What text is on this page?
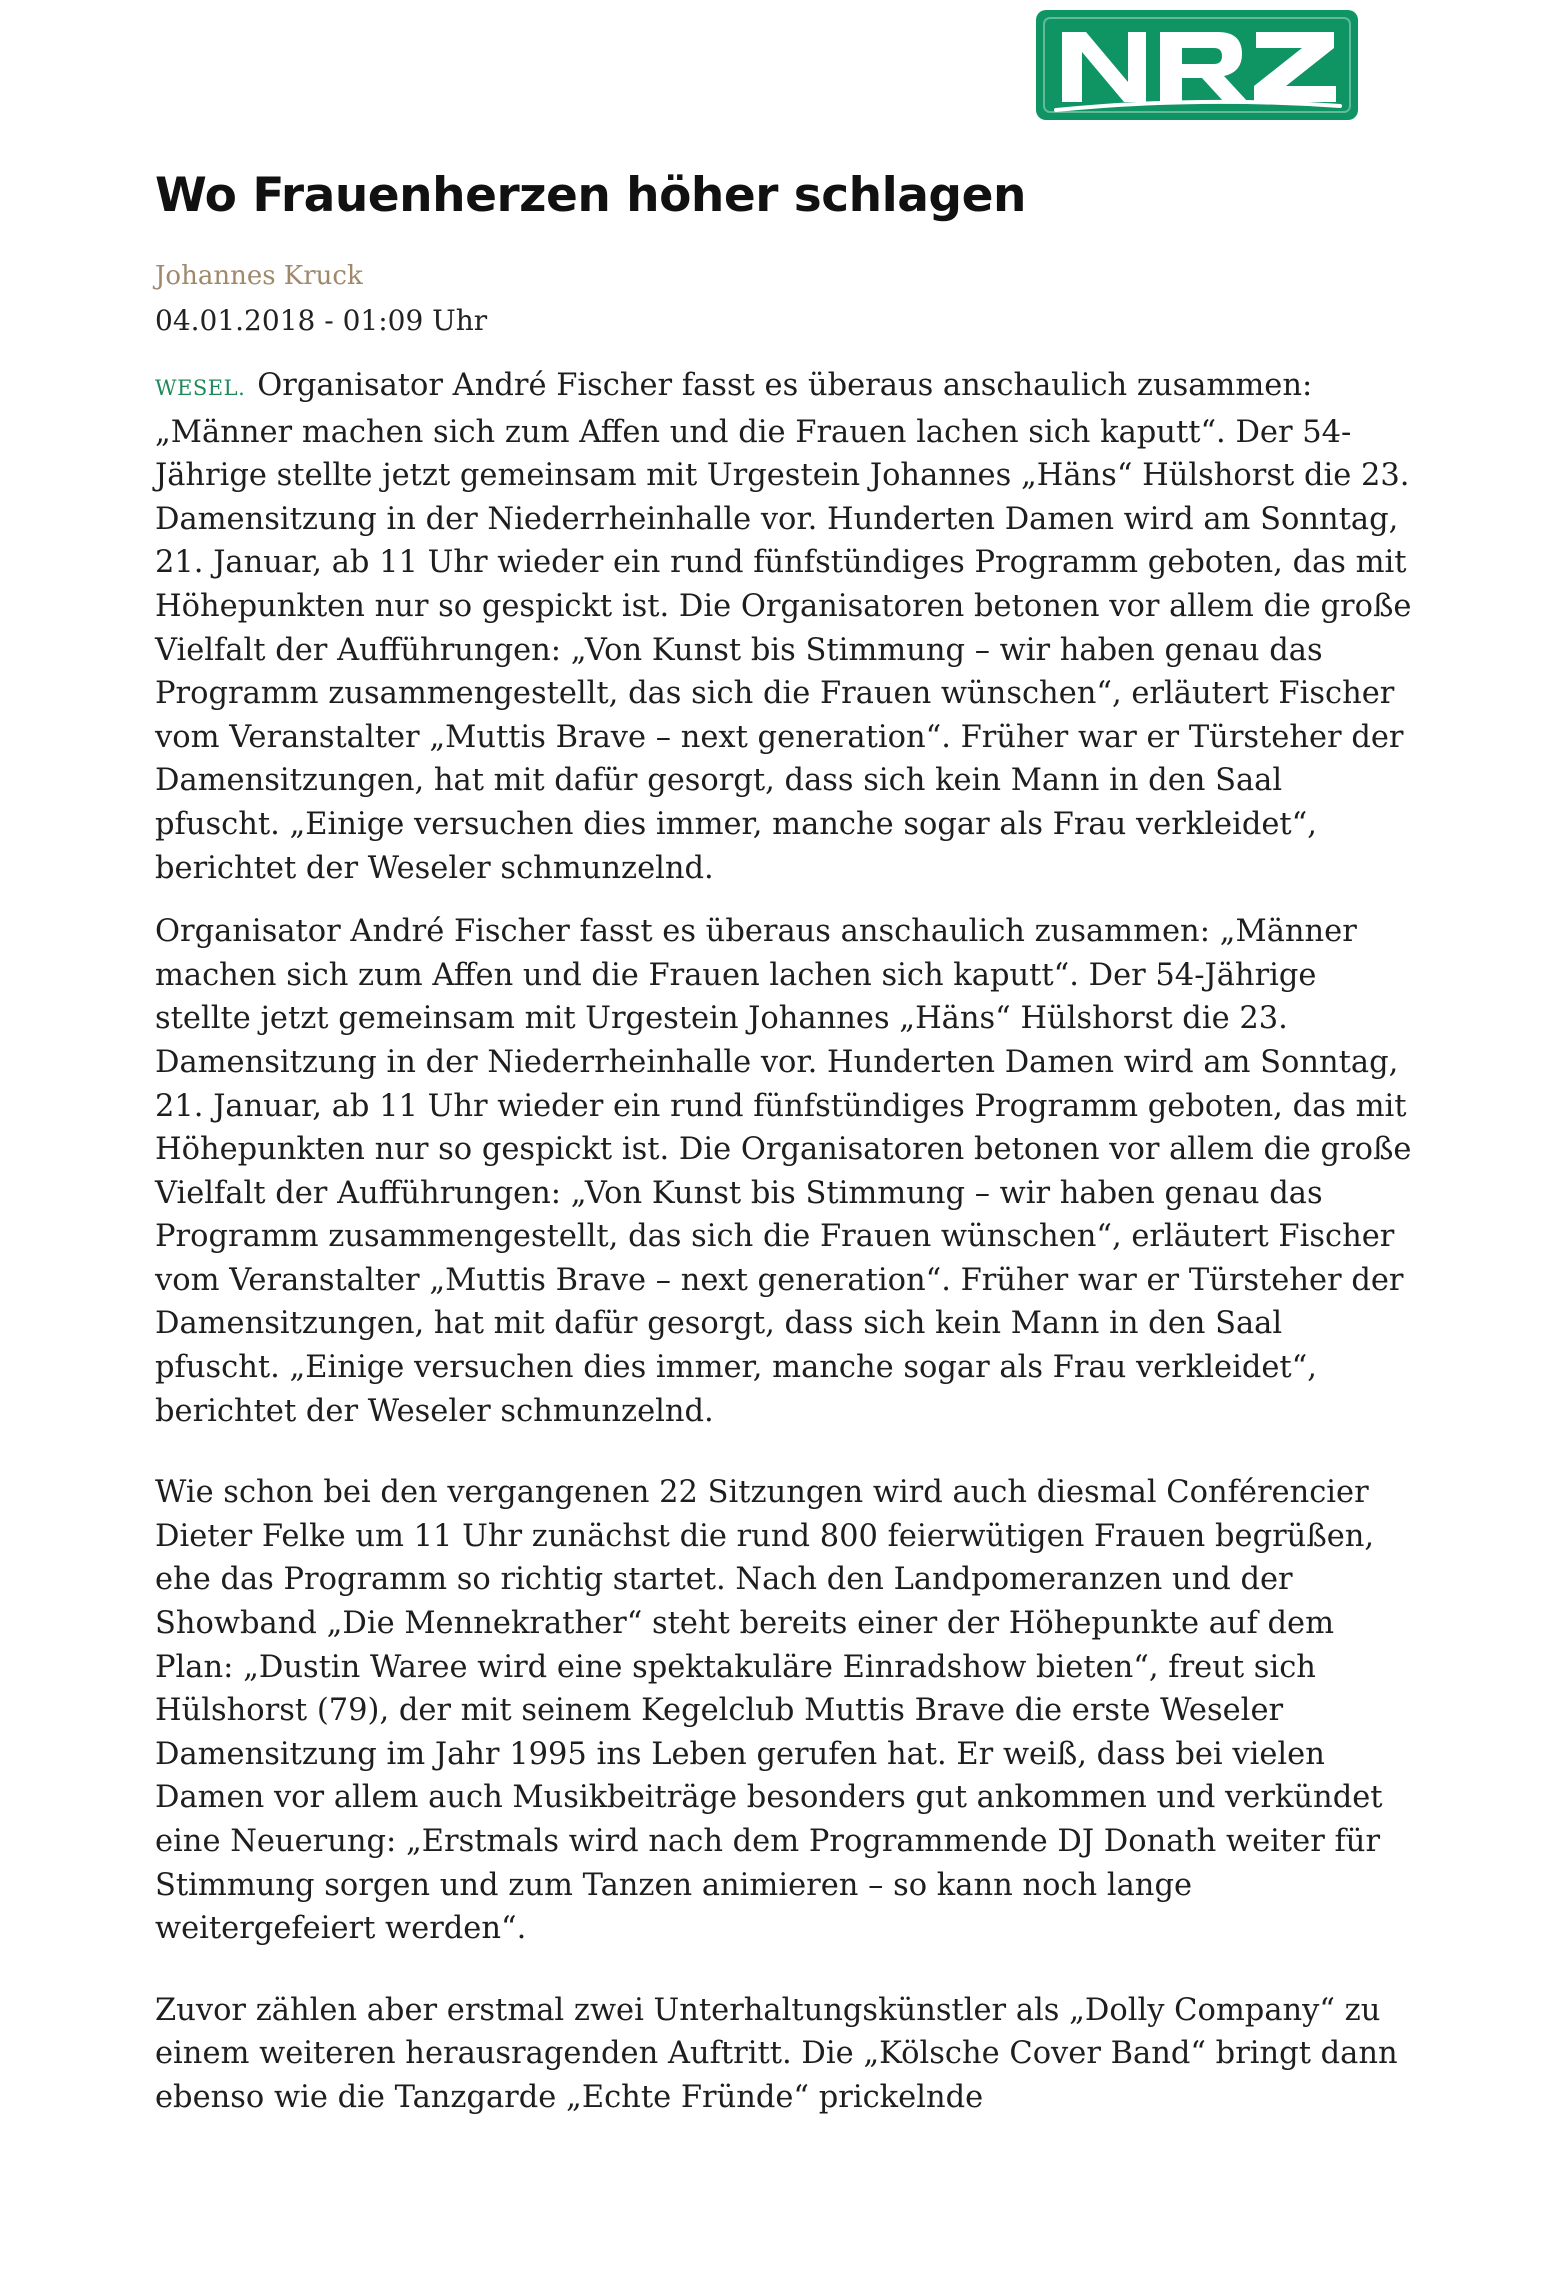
Wo Frauenherzen höher schlagen
Johannes Kruck
04.01.2018 - 01:09 Uhr

WESEL. Organisator André Fischer fasst es überaus anschaulich zusammen: „Männer machen sich zum Affen und die Frauen lachen sich kaputt“. Der 54-Jährige stellte jetzt gemeinsam mit Urgestein Johannes „Häns“ Hülshorst die 23. Damensitzung in der Niederrheinhalle vor. Hunderten Damen wird am Sonntag, 21. Januar, ab 11 Uhr wieder ein rund fünfstündiges Programm geboten, das mit Höhepunkten nur so gespickt ist. Die Organisatoren betonen vor allem die große Vielfalt der Aufführungen: „Von Kunst bis Stimmung – wir haben genau das Programm zusammengestellt, das sich die Frauen wünschen“, erläutert Fischer vom Veranstalter „Muttis Brave – next generation“. Früher war er Türsteher der Damensitzungen, hat mit dafür gesorgt, dass sich kein Mann in den Saal pfuscht. „Einige versuchen dies immer, manche sogar als Frau verkleidet“, berichtet der Weseler schmunzelnd.

Organisator André Fischer fasst es überaus anschaulich zusammen: „Männer machen sich zum Affen und die Frauen lachen sich kaputt“. Der 54-Jährige stellte jetzt gemeinsam mit Urgestein Johannes „Häns“ Hülshorst die 23. Damensitzung in der Niederrheinhalle vor. Hunderten Damen wird am Sonntag, 21. Januar, ab 11 Uhr wieder ein rund fünfstündiges Programm geboten, das mit Höhepunkten nur so gespickt ist. Die Organisatoren betonen vor allem die große Vielfalt der Aufführungen: „Von Kunst bis Stimmung – wir haben genau das Programm zusammengestellt, das sich die Frauen wünschen“, erläutert Fischer vom Veranstalter „Muttis Brave – next generation“. Früher war er Türsteher der Damensitzungen, hat mit dafür gesorgt, dass sich kein Mann in den Saal pfuscht. „Einige versuchen dies immer, manche sogar als Frau verkleidet“, berichtet der Weseler schmunzelnd.

Wie schon bei den vergangenen 22 Sitzungen wird auch diesmal Conférencier Dieter Felke um 11 Uhr zunächst die rund 800 feierwütigen Frauen begrüßen, ehe das Programm so richtig startet. Nach den Landpomeranzen und der Showband „Die Mennekrather“ steht bereits einer der Höhepunkte auf dem Plan: „Dustin Waree wird eine spektakuläre Einradshow bieten“, freut sich Hülshorst (79), der mit seinem Kegelclub Muttis Brave die erste Weseler Damensitzung im Jahr 1995 ins Leben gerufen hat. Er weiß, dass bei vielen Damen vor allem auch Musikbeiträge besonders gut ankommen und verkündet eine Neuerung: „Erstmals wird nach dem Programmende DJ Donath weiter für Stimmung sorgen und zum Tanzen animieren – so kann noch lange weitergefeiert werden“.

Zuvor zählen aber erstmal zwei Unterhaltungskünstler als „Dolly Company“ zu einem weiteren herausragenden Auftritt. Die „Kölsche Cover Band“ bringt dann ebenso wie die Tanzgarde „Echte Fründe“ prickelnde
